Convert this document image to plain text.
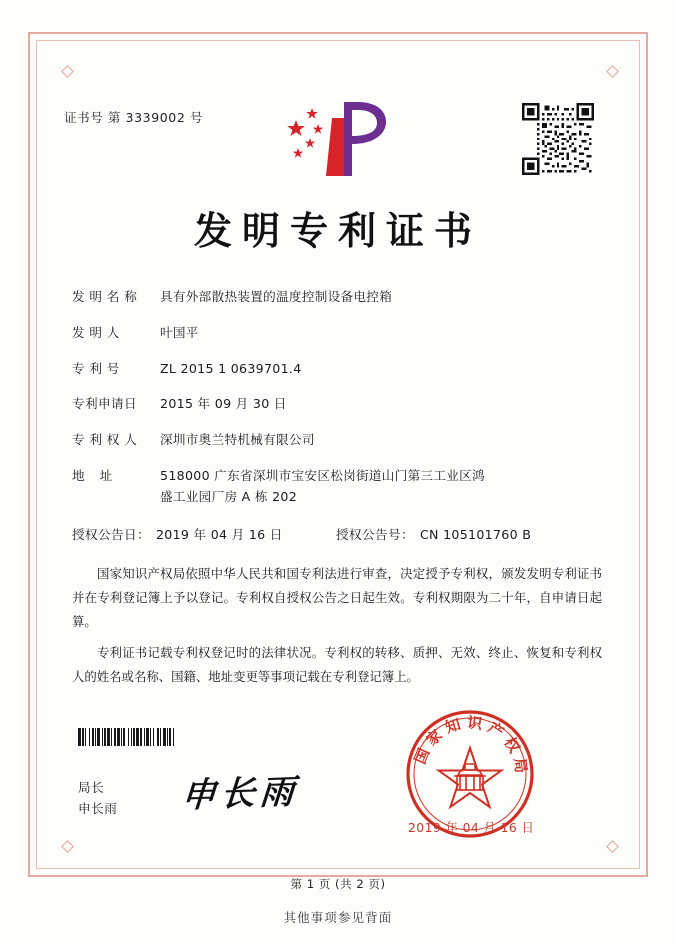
证书号 第 3339002 号
发明专利证书
发 明 名 称	具有外部散热装置的温度控制设备电控箱
发 明 人	叶国平
专 利 号	ZL 2015 1 0639701.4
专利申请日	2015 年 09 月 30 日
专 利 权 人	深圳市奥兰特机械有限公司
地 址	518000 广东省深圳市宝安区松岗街道山门第三工业区鸿
盛工业园厂房 A 栋 202
授权公告日： 2019 年 04 月 16 日	授权公告号： CN 105101760 B

国家知识产权局依照中华人民共和国专利法进行审查，决定授予专利权，颁发发明专利证书并在专利登记簿上予以登记。专利权自授权公告之日起生效。专利权期限为二十年，自申请日起算。

专利证书记载专利权登记时的法律状况。专利权的转移、质押、无效、终止、恢复和专利权人的姓名或名称、国籍、地址变更等事项记载在专利登记簿上。

局长
申长雨 申长雨
国家知识产权局
2019 年 04 月 16 日
第 1 页 (共 2 页)
其他事项参见背面
